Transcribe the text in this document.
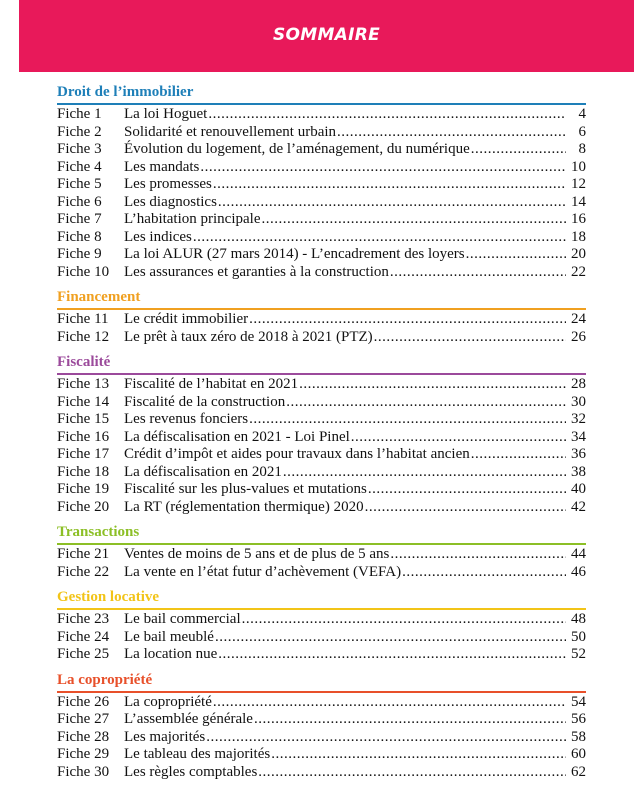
SOMMAIRE
Droit de l’immobilier
Fiche 1	La loi Hoguet .....	4
Fiche 2	Solidarité et renouvellement urbain .....	6
Fiche 3	Évolution du logement, de l’aménagement, du numérique .....	8
Fiche 4	Les mandats .....	10
Fiche 5	Les promesses .....	12
Fiche 6	Les diagnostics .....	14
Fiche 7	L’habitation principale .....	16
Fiche 8	Les indices .....	18
Fiche 9	La loi ALUR (27 mars 2014) - L’encadrement des loyers .....	20
Fiche 10 Les assurances et garanties à la construction .....	22
Financement
Fiche 11	Le crédit immobilier .....	24
Fiche 12 Le prêt à taux zéro de 2018 à 2021 (PTZ) .....	26
Fiscalité
Fiche 13 Fiscalité de l’habitat en 2021 .....	28
Fiche 14 Fiscalité de la construction .....	30
Fiche 15 Les revenus fonciers .....	32
Fiche 16 La défiscalisation en 2021 - Loi Pinel .....	34
Fiche 17 Crédit d’impôt et aides pour travaux dans l’habitat ancien .....	36
Fiche 18 La défiscalisation en 2021 .....	38
Fiche 19 Fiscalité sur les plus-values et mutations .....	40
Fiche 20 La RT (réglementation thermique) 2020 .....	42
Transactions
Fiche 21 Ventes de moins de 5 ans et de plus de 5 ans .....	44
Fiche 22 La vente en l’état futur d’achèvement (VEFA) .....	46
Gestion locative
Fiche 23 Le bail commercial .....	48
Fiche 24 Le bail meublé .....	50
Fiche 25 La location nue .....	52
La copropriété
Fiche 26 La copropriété .....	54
Fiche 27 L’assemblée générale .....	56
Fiche 28 Les majorités .....	58
Fiche 29 Le tableau des majorités .....	60
Fiche 30 Les règles comptables .....	62
